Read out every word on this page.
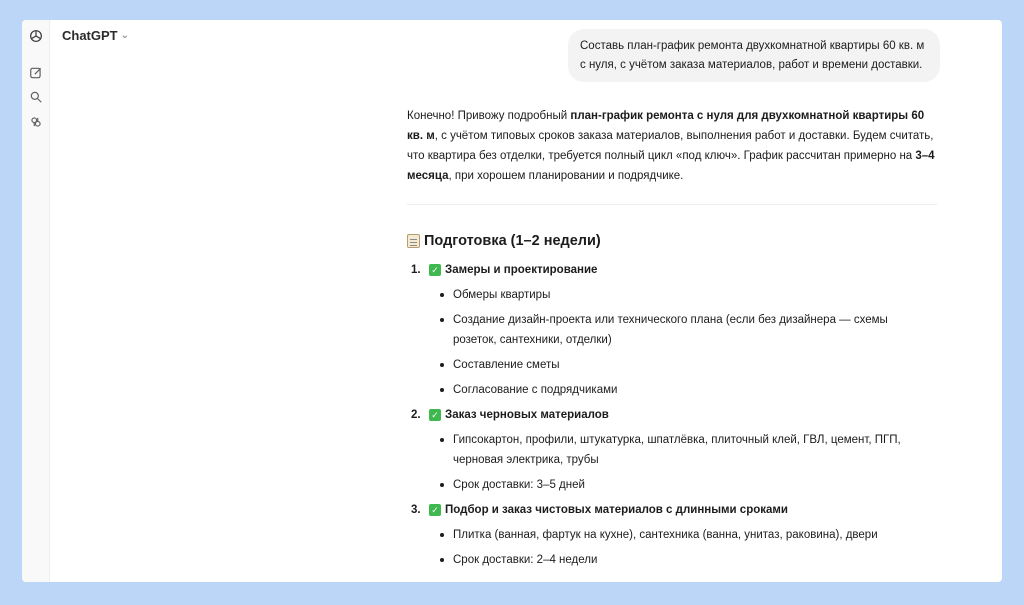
ChatGPT ⌄
Составь план-график ремонта двухкомнатной квартиры 60 кв. м с нуля, с учётом заказа материалов, работ и времени доставки.

Конечно! Привожу подробный план-график ремонта с нуля для двухкомнатной квартиры 60 кв. м, с учётом типовых сроков заказа материалов, выполнения работ и доставки. Будем считать, что квартира без отделки, требуется полный цикл «под ключ». График рассчитан примерно на 3–4 месяца, при хорошем планировании и подрядчике.

Подготовка (1–2 недели)
1.	✓ Замеры и проектирование
Обмеры квартиры
Создание дизайн-проекта или технического плана (если без дизайнера — схемы розеток, сантехники, отделки)
Составление сметы
Согласование с подрядчиками
2.	✓ Заказ черновых материалов
Гипсокартон, профили, штукатурка, шпатлёвка, плиточный клей, ГВЛ, цемент, ПГП, черновая электрика, трубы
Срок доставки: 3–5 дней
3.	✓ Подбор и заказ чистовых материалов с длинными сроками
Плитка (ванная, фартук на кухне), сантехника (ванна, унитаз, раковина), двери
Срок доставки: 2–4 недели
